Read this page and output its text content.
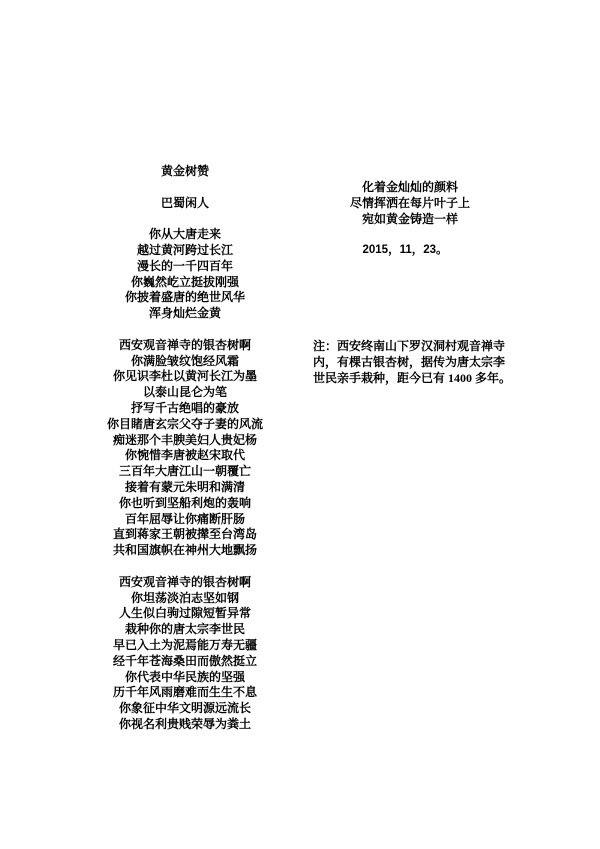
黄金树赞
巴蜀闲人
你从大唐走来
越过黄河跨过长江
漫长的一千四百年
你巍然屹立挺拔刚强
你披着盛唐的绝世风华
浑身灿烂金黄
西安观音禅寺的银杏树啊
你满脸皱纹饱经风霜
你见识李杜以黄河长江为墨
以泰山昆仑为笔
抒写千古绝唱的豪放
你目睹唐玄宗父夺子妻的风流
痴迷那个丰腴美妇人贵妃杨
你惋惜李唐被赵宋取代
三百年大唐江山一朝覆亡
接着有蒙元朱明和满清
你也听到坚船利炮的轰响
百年屈辱让你痛断肝肠
直到蒋家王朝被撵至台湾岛
共和国旗帜在神州大地飘扬
西安观音禅寺的银杏树啊
你坦荡淡泊志坚如钢
人生似白驹过隙短暂异常
栽种你的唐太宗李世民
早已入土为泥焉能万寿无疆
经千年苍海桑田而傲然挺立
你代表中华民族的坚强
历千年风雨磨难而生生不息
你象征中华文明源远流长
你视名利贵贱荣辱为粪土
化着金灿灿的颜料
尽情挥洒在每片叶子上
宛如黄金铸造一样
2015，11，23。
注：西安终南山下罗汉洞村观音禅寺
内，有棵古银杏树，据传为唐太宗李
世民亲手栽种，距今已有 1400 多年。
